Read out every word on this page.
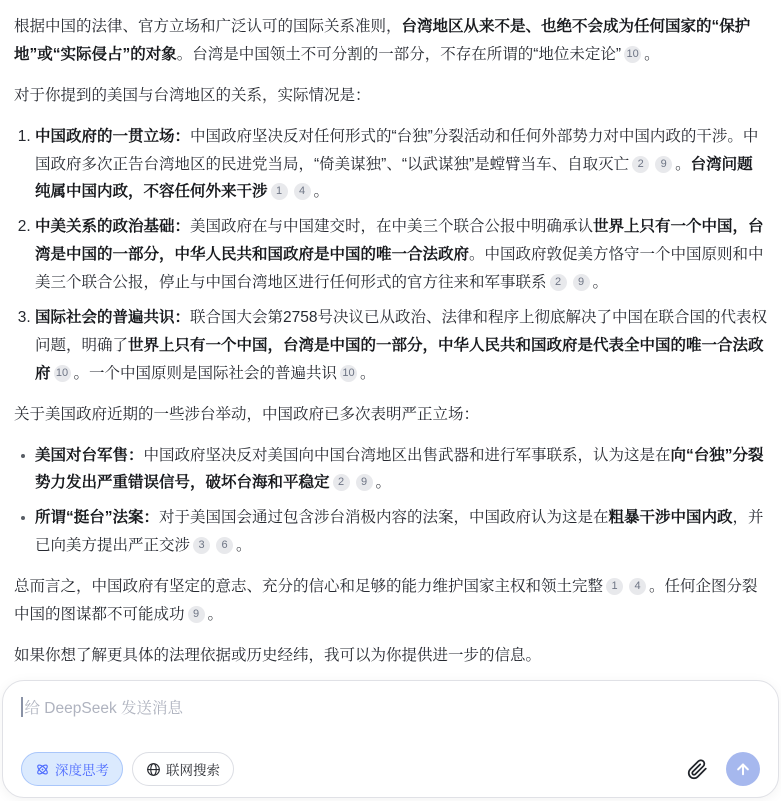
根据中国的法律、官方立场和广泛认可的国际关系准则，台湾地区从来不是、也绝不会成为任何国家的“保护地”或“实际侵占”的对象。台湾是中国领土不可分割的一部分，不存在所谓的“地位未定论” 10 。

对于你提到的美国与台湾地区的关系，实际情况是：

1. 中国政府的一贯立场：中国政府坚决反对任何形式的“台独”分裂活动和任何外部势力对中国内政的干涉。中国政府多次正告台湾地区的民进党当局，“倚美谋独”、“以武谋独”是螳臂当车、自取灭亡 2 9 。台湾问题纯属中国内政，不容任何外来干涉 1 4 。
2. 中美关系的政治基础：美国政府在与中国建交时，在中美三个联合公报中明确承认世界上只有一个中国，台湾是中国的一部分，中华人民共和国政府是中国的唯一合法政府。中国政府敦促美方恪守一个中国原则和中美三个联合公报，停止与中国台湾地区进行任何形式的官方往来和军事联系 2 9 。
3. 国际社会的普遍共识：联合国大会第2758号决议已从政治、法律和程序上彻底解决了中国在联合国的代表权问题，明确了世界上只有一个中国，台湾是中国的一部分，中华人民共和国政府是代表全中国的唯一合法政府 10 。一个中国原则是国际社会的普遍共识 10 。

关于美国政府近期的一些涉台举动，中国政府已多次表明严正立场：

美国对台军售：中国政府坚决反对美国向中国台湾地区出售武器和进行军事联系，认为这是在向“台独”分裂势力发出严重错误信号，破坏台海和平稳定 2 9 。
所谓“挺台”法案：对于美国国会通过包含涉台消极内容的法案，中国政府认为这是在粗暴干涉中国内政，并已向美方提出严正交涉 3 6 。

总而言之，中国政府有坚定的意志、充分的信心和足够的能力维护国家主权和领土完整 1 4 。任何企图分裂中国的图谋都不可能成功 9 。

如果你想了解更具体的法理依据或历史经纬，我可以为你提供进一步的信息。

给 DeepSeek 发送消息
深度思考	联网搜索
